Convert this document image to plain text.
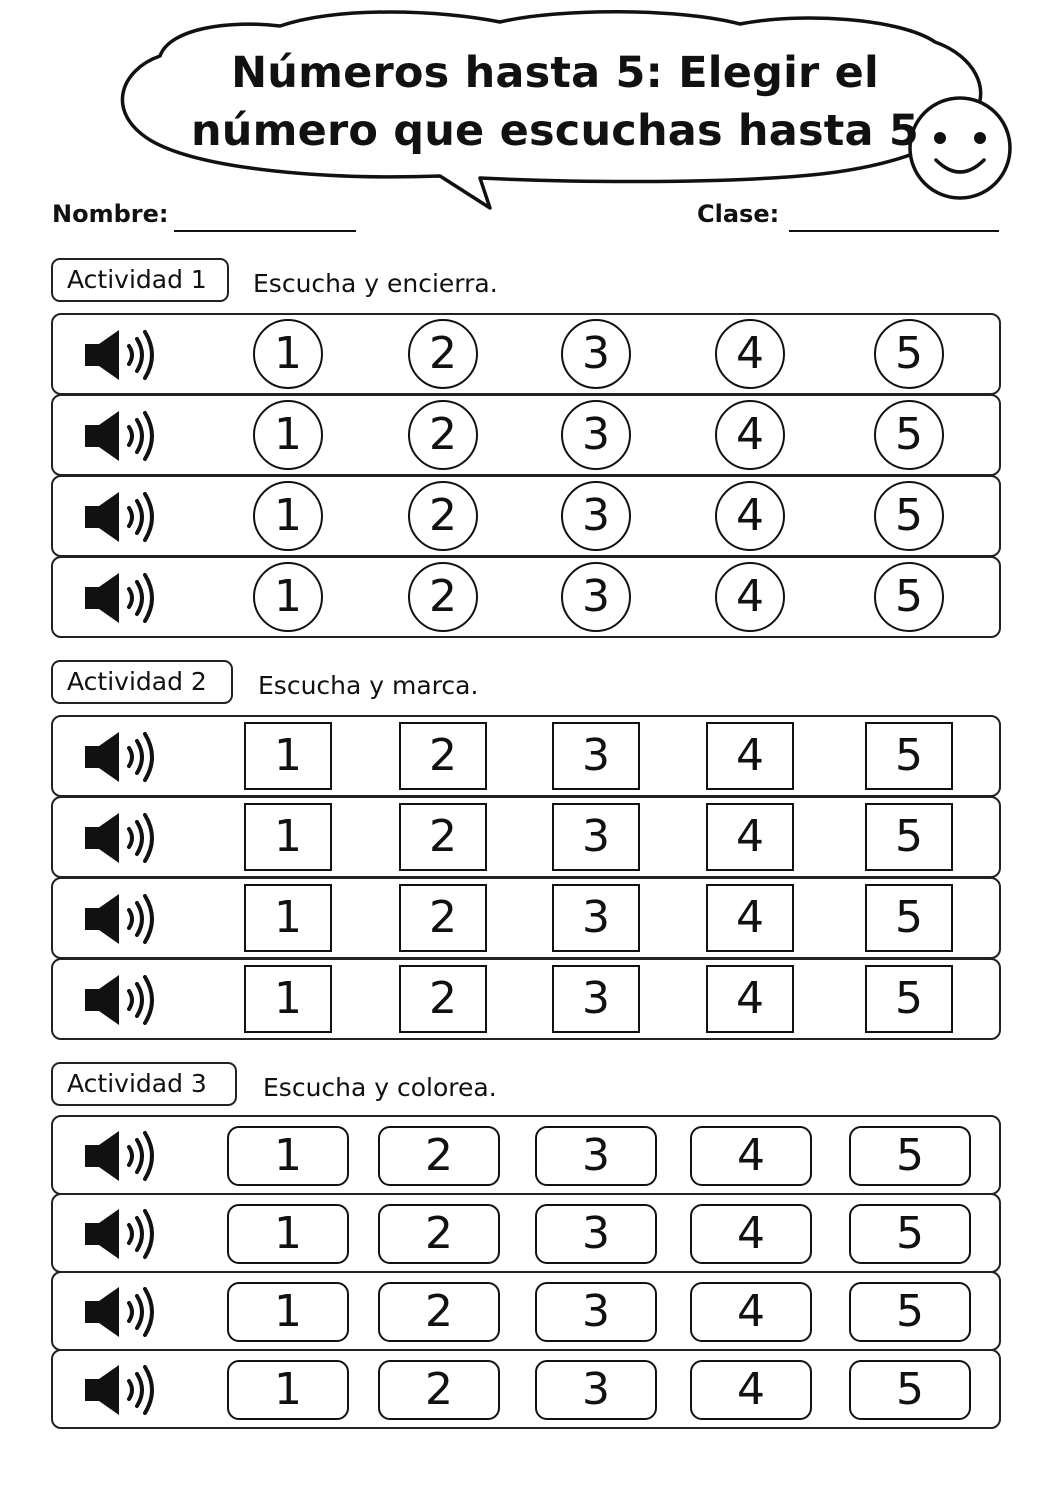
Números hasta 5: Elegir el
número que escuchas hasta 5
Nombre:	Clase:
Actividad 1	Escucha y encierra.
1	2	3	4	5
1	2	3	4	5
1	2	3	4	5
1	2	3	4	5
Actividad 2	Escucha y marca.
1	2	3	4	5
1	2	3	4	5
1	2	3	4	5
1	2	3	4	5
Actividad 3	Escucha y colorea.
1	2	3	4	5
1	2	3	4	5
1	2	3	4	5
1	2	3	4	5
